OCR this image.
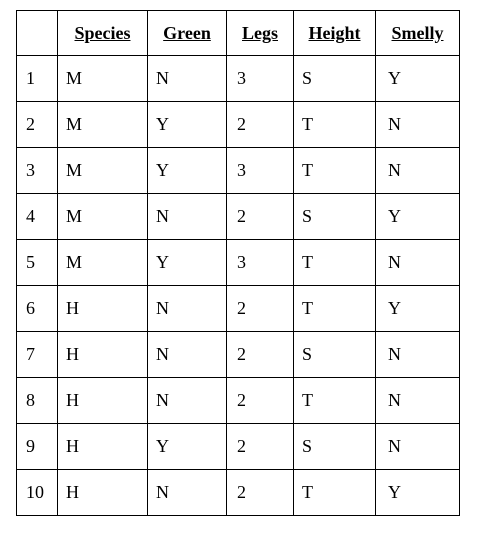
	Species	Green	Legs	Height	Smelly
1	M	N	3	S	Y
2	M	Y	2	T	N
3	M	Y	3	T	N
4	M	N	2	S	Y
5	M	Y	3	T	N
6	H	N	2	T	Y
7	H	N	2	S	N
8	H	N	2	T	N
9	H	Y	2	S	N
10	H	N	2	T	Y
